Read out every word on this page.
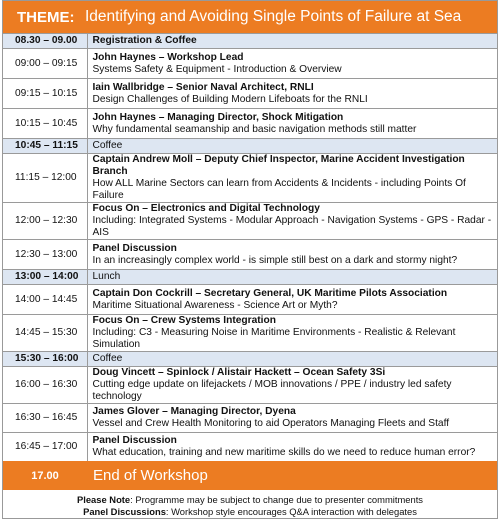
THEME: Identifying and Avoiding Single Points of Failure at Sea
08.30 – 09.00	Registration & Coffee
09:00 – 09:15	John Haynes – Workshop Lead
Systems Safety & Equipment - Introduction & Overview

09:15 – 10:15	Iain Wallbridge – Senior Naval Architect, RNLI
Design Challenges of Building Modern Lifeboats for the RNLI

10:15 – 10:45	John Haynes – Managing Director, Shock Mitigation
Why fundamental seamanship and basic navigation methods still matter

10:45 – 11:15	Coffee
11:15 – 12:00	Captain Andrew Moll – Deputy Chief Inspector, Marine Accident Investigation Branch
How ALL Marine Sectors can learn from Accidents & Incidents - including Points Of Failure

12:00 – 12:30	Focus On – Electronics and Digital Technology
Including: Integrated Systems - Modular Approach - Navigation Systems - GPS - Radar - AIS

12:30 – 13:00	Panel Discussion
In an increasingly complex world - is simple still best on a dark and stormy night?

13:00 – 14:00	Lunch
14:00 – 14:45	Captain Don Cockrill – Secretary General, UK Maritime Pilots Association
Maritime Situational Awareness - Science Art or Myth?

14:45 – 15:30	Focus On – Crew Systems Integration
Including: C3 - Measuring Noise in Maritime Environments - Realistic & Relevant Simulation

15:30 – 16:00	Coffee
16:00 – 16:30	Doug Vincett – Spinlock / Alistair Hackett – Ocean Safety 3Si
Cutting edge update on lifejackets / MOB innovations / PPE / industry led safety technology

16:30 – 16:45	James Glover – Managing Director, Dyena
Vessel and Crew Health Monitoring to aid Operators Managing Fleets and Staff

16:45 – 17:00	Panel Discussion
What education, training and new maritime skills do we need to reduce human error?
17.00	End of Workshop
Please Note: Programme may be subject to change due to presenter commitments
Panel Discussions: Workshop style encourages Q&A interaction with delegates
